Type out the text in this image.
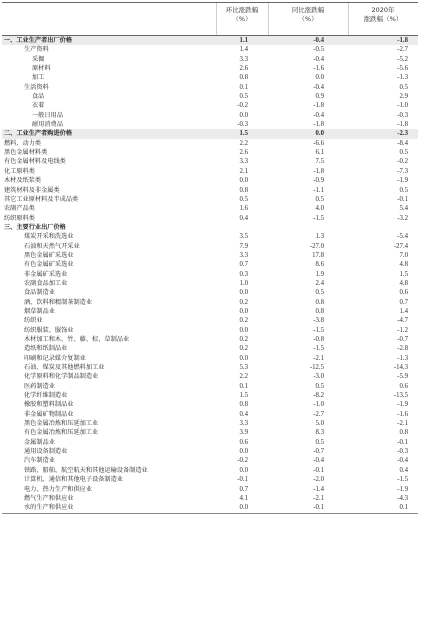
环比涨跌幅
（%）
同比涨跌幅
（%）
2020年
涨跌幅（%）
一、工业生产者出厂价格	1.1	-0.4	-1.8
生产资料	1.4	-0.5	-2.7
采掘	3.3	-0.4	-5.2
原材料	2.6	-1.6	-5.6
加工	0.8	0.0	-1.3
生活资料	0.1	-0.4	0.5
食品	0.5	0.9	2.9
衣着	-0.2	-1.8	-1.0
一般日用品	0.0	-0.4	-0.3
耐用消费品	-0.3	-1.8	-1.8
二、工业生产者购进价格	1.5	0.0	-2.3
燃料、动力类	2.2	-6.6	-8.4
黑色金属材料类	2.6	6.1	0.5
有色金属材料及电线类	3.3	7.5	-0.2
化工原料类	2.1	-1.8	-7.3
木材及纸浆类	0.0	-0.9	-1.9
建筑材料及非金属类	0.8	-1.1	0.5
其它工业原材料及半成品类	0.5	0.5	-0.1
农副产品类	1.6	4.0	5.4
纺织原料类	0.4	-1.5	-3.2
三、主要行业出厂价格
煤炭开采和洗选业	3.5	1.3	-5.4
石油和天然气开采业	7.9	-27.0	-27.4
黑色金属矿采选业	3.3	17.8	7.0
有色金属矿采选业	0.7	8.6	4.8
非金属矿采选业	0.3	1.9	1.5
农副食品加工业	1.0	2.4	4.8
食品制造业	0.0	0.5	0.6
酒、饮料和精制茶制造业	0.2	0.8	0.7
烟草制品业	0.0	0.8	1.4
纺织业	0.2	-3.8	-4.7
纺织服装、服饰业	0.0	-1.5	-1.2
木材加工和木、竹、藤、棕、草制品业	0.2	-0.8	-0.7
造纸和纸制品业	0.2	-1.5	-2.8
印刷和记录媒介复制业	0.0	-2.1	-1.3
石油、煤炭及其他燃料加工业	5.3	-12.5	-14.3
化学原料和化学制品制造业	2.2	-3.0	-5.9
医药制造业	0.1	0.5	0.6
化学纤维制造业	1.5	-8.2	-13.5
橡胶和塑料制品业	0.8	-1.0	-1.9
非金属矿物制品业	0.4	-2.7	-1.6
黑色金属冶炼和压延加工业	3.3	5.0	-2.1
有色金属冶炼和压延加工业	3.9	8.3	0.8
金属制品业	0.6	0.5	-0.1
通用设备制造业	0.0	-0.7	-0.3
汽车制造业	-0.2	-0.4	-0.4
铁路、船舶、航空航天和其他运输设备制造业	0.0	-0.1	0.4
计算机、通信和其他电子设备制造业	-0.1	-2.0	-1.5
电力、热力生产和供应业	0.7	-1.4	-1.9
燃气生产和供应业	4.1	-2.1	-4.3
水的生产和供应业	0.0	-0.1	0.1
